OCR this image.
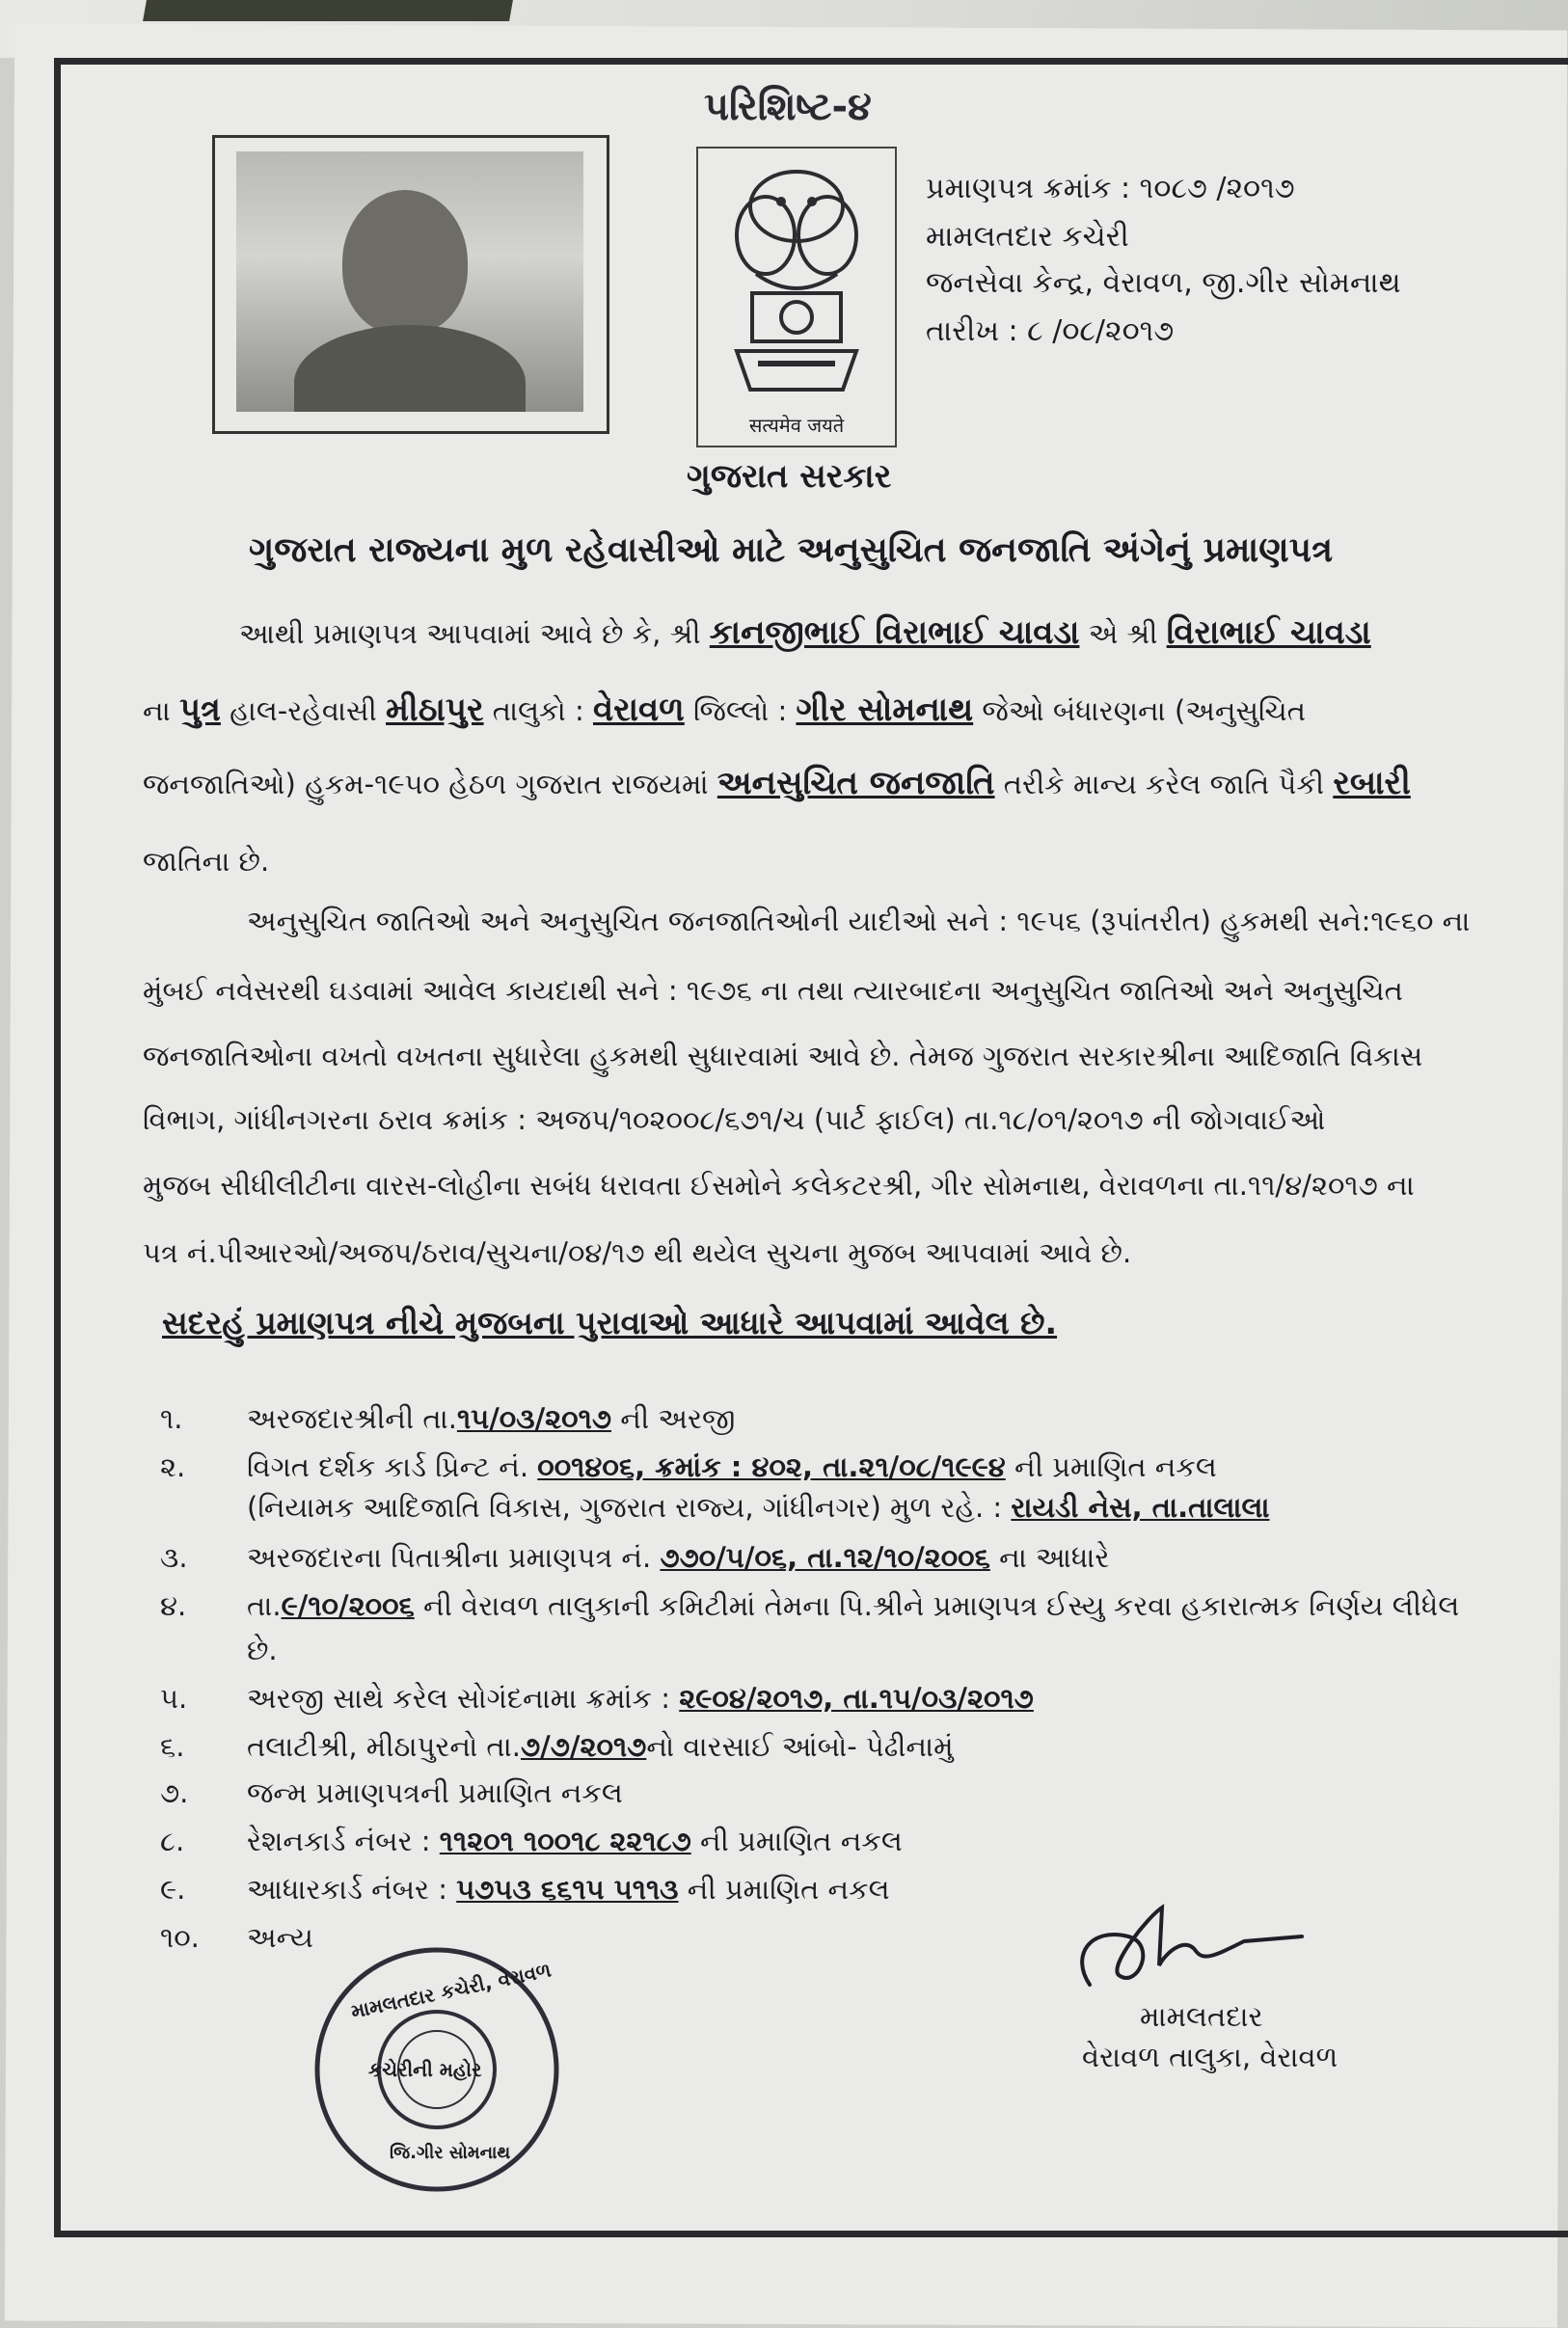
પરિશિષ્ટ-૪
सत्यमेव जयते
ગુજરાત સરકાર
પ્રમાણપત્ર ક્રમાંક : ૧૦૮૭ /૨૦૧૭
મામલતદાર કચેરી
જનસેવા કેન્દ્ર, વેરાવળ, જી.ગીર સોમનાથ
તારીખ : ૮ /૦૮/૨૦૧૭
ગુજરાત રાજ્યના મુળ રહેવાસીઓ માટે અનુસુચિત જનજાતિ અંગેનું પ્રમાણપત્ર
આથી પ્રમાણપત્ર આપવામાં આવે છે કે, શ્રી કાનજીભાઈ વિરાભાઈ ચાવડા એ શ્રી વિરાભાઈ ચાવડા
ના પુત્ર હાલ-રહેવાસી મીઠાપુર તાલુકો : વેરાવળ જિલ્લો : ગીર સોમનાથ જેઓ બંધારણના (અનુસુચિત
જનજાતિઓ) હુકમ-૧૯૫૦ હેઠળ ગુજરાત રાજયમાં અનસુચિત જનજાતિ તરીકે માન્ય કરેલ જાતિ પૈકી રબારી
જાતિના છે.
અનુસુચિત જાતિઓ અને અનુસુચિત જનજાતિઓની યાદીઓ સને : ૧૯૫૬ (રૂપાંતરીત) હુકમથી સને:૧૯૬૦ ના
મુંબઈ નવેસરથી ઘડવામાં આવેલ કાયદાથી સને : ૧૯૭૬ ના તથા ત્યારબાદના અનુસુચિત જાતિઓ અને અનુસુચિત
જનજાતિઓના વખતો વખતના સુધારેલા હુકમથી સુધારવામાં આવે છે. તેમજ ગુજરાત સરકારશ્રીના આદિજાતિ વિકાસ
વિભાગ, ગાંધીનગરના ઠરાવ ક્રમાંક : અજપ/૧૦૨૦૦૮/૬૭૧/ચ (પાર્ટ ફાઈલ) તા.૧૮/૦૧/૨૦૧૭ ની જોગવાઈઓ
મુજબ સીધીલીટીના વારસ-લોહીના સબંધ ધરાવતા ઈસમોને કલેકટરશ્રી, ગીર સોમનાથ, વેરાવળના તા.૧૧/૪/૨૦૧૭ ના
પત્ર નં.પીઆરઓ/અજપ/ઠરાવ/સુચના/૦૪/૧૭ થી થયેલ સુચના મુજબ આપવામાં આવે છે.
સદરહું પ્રમાણપત્ર નીચે મુજબના પુરાવાઓ આધારે આપવામાં આવેલ છે.
૧. અરજદારશ્રીની તા.૧૫/૦૩/૨૦૧૭ ની અરજી
૨. વિગત દર્શક કાર્ડ પ્રિન્ટ નં. ૦૦૧૪૦૬, ક્રમાંક : ૪૦૨, તા.૨૧/૦૮/૧૯૯૪ ની પ્રમાણિત નકલ
(નિયામક આદિજાતિ વિકાસ, ગુજરાત રાજ્ય, ગાંધીનગર) મુળ રહે. : રાયડી નેસ, તા.તાલાલા
૩. અરજદારના પિતાશ્રીના પ્રમાણપત્ર નં. ૭૭૦/૫/૦૬, તા.૧૨/૧૦/૨૦૦૬ ના આધારે
૪. તા.૯/૧૦/૨૦૦૬ ની વેરાવળ તાલુકાની કમિટીમાં તેમના પિ.શ્રીને પ્રમાણપત્ર ઈસ્યુ કરવા હકારાત્મક નિર્ણય લીધેલ
છે.
૫. અરજી સાથે કરેલ સોગંદનામા ક્રમાંક : ૨૯૦૪/૨૦૧૭, તા.૧૫/૦૩/૨૦૧૭
૬. તલાટીશ્રી, મીઠાપુરનો તા.૭/૭/૨૦૧૭નો વારસાઈ આંબો- પેઢીનામું
૭. જન્મ પ્રમાણપત્રની પ્રમાણિત નકલ
૮. રેશનકાર્ડ નંબર : ૧૧૨૦૧ ૧૦૦૧૮ ૨૨૧૮૭ ની પ્રમાણિત નકલ
૯. આધારકાર્ડ નંબર : ૫૭૫૩ ૬૬૧૫ ૫૧૧૩ ની પ્રમાણિત નકલ
૧૦. અન્ય
મામલતદાર કચેરી, વેરાવળ
કચેરીની મહોર
જિ.ગીર સોમનાથ
મામલતદાર
વેરાવળ તાલુકા, વેરાવળ
